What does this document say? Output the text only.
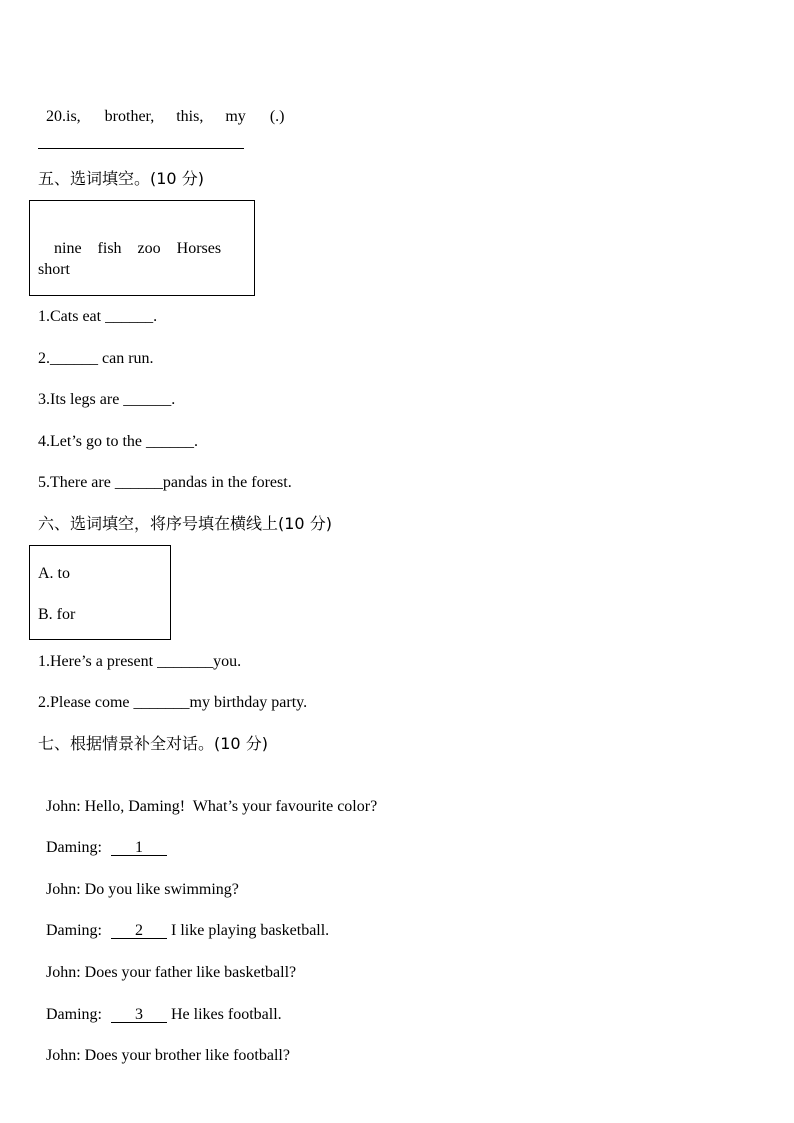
20.is, brother, this, my (.)

五、选词填空。(10 分)

nine fish zoo Horses

short
1.Cats eat ______.
2.______ can run.
3.Its legs are ______.
4.Let’s go to the ______.
5.There are ______pandas in the forest.
六、选词填空，将序号填在横线上(10 分)
A. to
B. for
1.Here’s a present _______you.
2.Please come _______my birthday party.
七、根据情景补全对话。(10 分)

John: Hello, Daming!  What’s your favourite color?

Daming:   1  

John: Do you like swimming?

Daming:   2   I like playing basketball.

John: Does your father like basketball?

Daming:   3   He likes football.

John: Does your brother like football?
